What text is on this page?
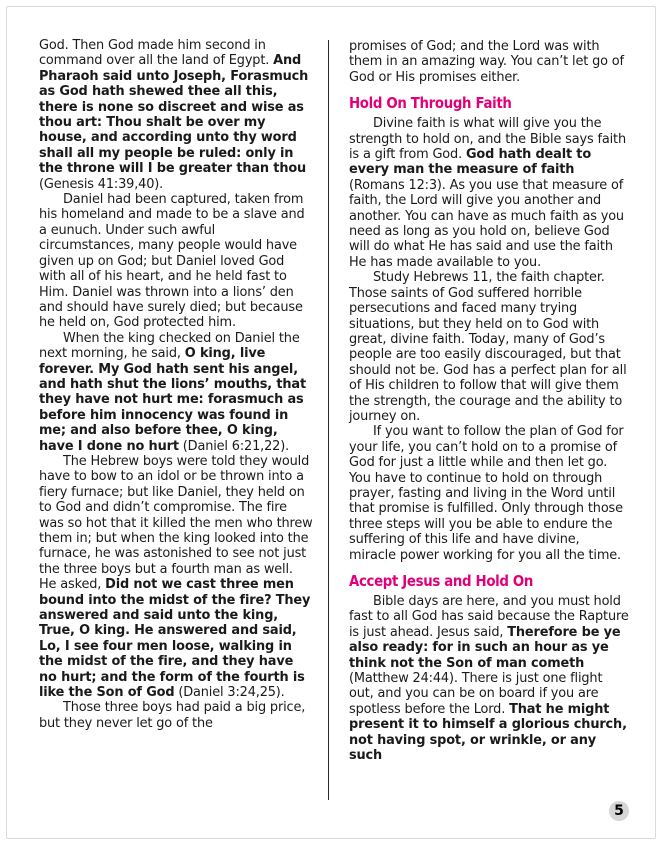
God. Then God made him second in command over all the land of Egypt. And Pharaoh said unto Joseph, Forasmuch as God hath shewed thee all this, there is none so discreet and wise as thou art: Thou shalt be over my house, and according unto thy word shall all my people be ruled: only in the throne will I be greater than thou (Genesis 41:39,40).

Daniel had been captured, taken from his homeland and made to be a slave and a eunuch. Under such awful circumstances, many people would have given up on God; but Daniel loved God with all of his heart, and he held fast to Him. Daniel was thrown into a lions’ den and should have surely died; but because he held on, God protected him.

When the king checked on Daniel the next morning, he said, O king, live forever. My God hath sent his angel, and hath shut the lions’ mouths, that they have not hurt me: forasmuch as before him innocency was found in me; and also before thee, O king, have I done no hurt (Daniel 6:21,22).

The Hebrew boys were told they would have to bow to an idol or be thrown into a fiery furnace; but like Daniel, they held on to God and didn’t compromise. The fire was so hot that it killed the men who threw them in; but when the king looked into the furnace, he was astonished to see not just the three boys but a fourth man as well. He asked, Did not we cast three men bound into the midst of the fire? They answered and said unto the king, True, O king. He answered and said, Lo, I see four men loose, walking in the midst of the fire, and they have no hurt; and the form of the fourth is like the Son of God (Daniel 3:24,25).

Those three boys had paid a big price, but they never let go of the

promises of God; and the Lord was with them in an amazing way. You can’t let go of God or His promises either.

Hold On Through Faith

Divine faith is what will give you the strength to hold on, and the Bible says faith is a gift from God. God hath dealt to every man the measure of faith (Romans 12:3). As you use that measure of faith, the Lord will give you another and another. You can have as much faith as you need as long as you hold on, believe God will do what He has said and use the faith He has made available to you.

Study Hebrews 11, the faith chapter. Those saints of God suffered horrible persecutions and faced many trying situations, but they held on to God with great, divine faith. Today, many of God’s people are too easily discouraged, but that should not be. God has a perfect plan for all of His children to follow that will give them the strength, the courage and the ability to journey on.

If you want to follow the plan of God for your life, you can’t hold on to a promise of God for just a little while and then let go. You have to continue to hold on through prayer, fasting and living in the Word until that promise is fulfilled. Only through those three steps will you be able to endure the suffering of this life and have divine, miracle power working for you all the time.

Accept Jesus and Hold On

Bible days are here, and you must hold fast to all God has said because the Rapture is just ahead. Jesus said, Therefore be ye also ready: for in such an hour as ye think not the Son of man cometh (Matthew 24:44). There is just one flight out, and you can be on board if you are spotless before the Lord. That he might present it to himself a glorious church, not having spot, or wrinkle, or any such

5
